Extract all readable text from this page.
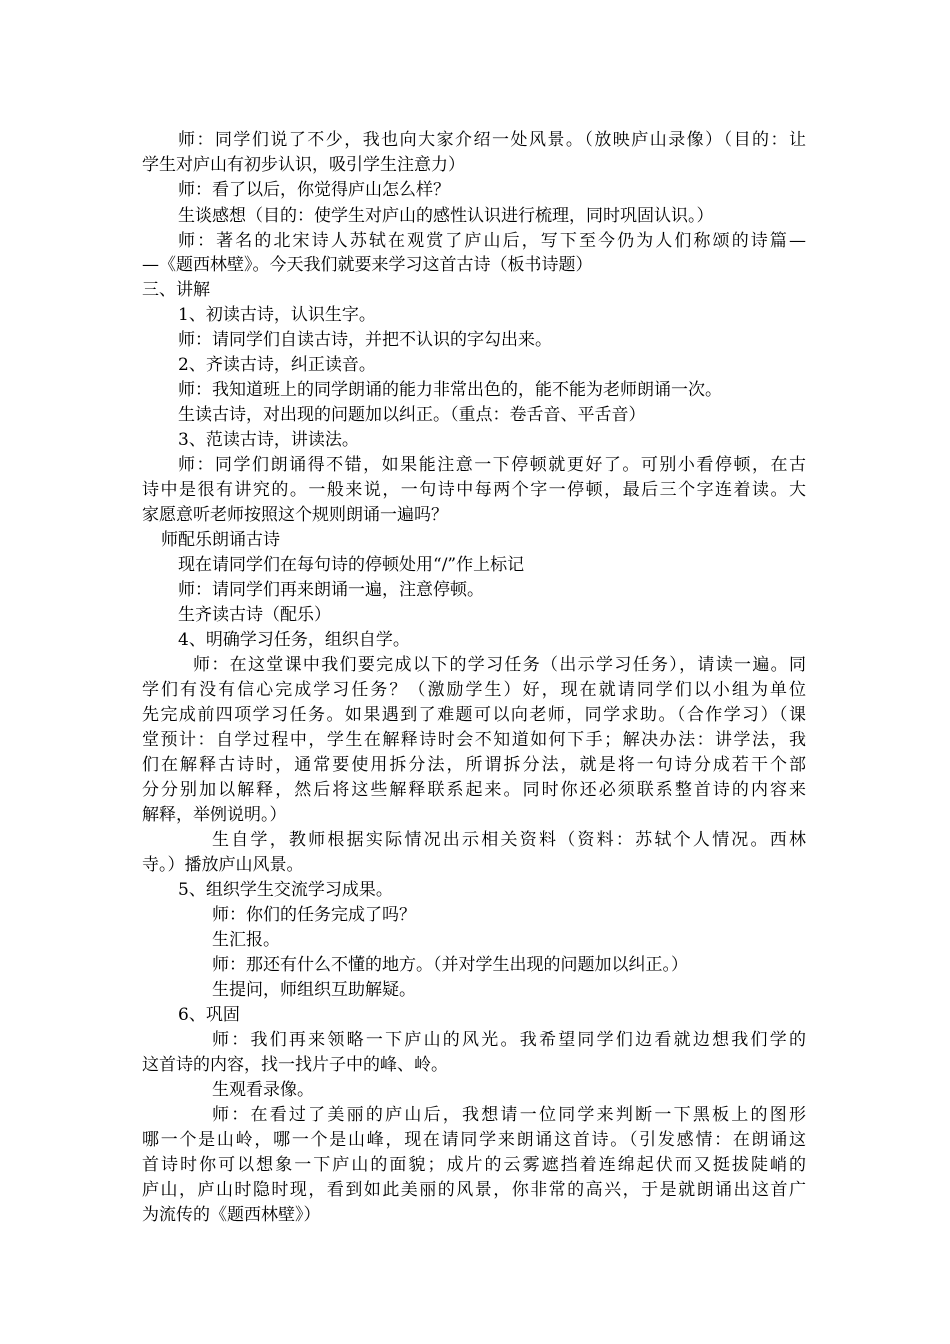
师：同学们说了不少，我也向大家介绍一处风景。（放映庐山录像）（目的：让
学生对庐山有初步认识，吸引学生注意力）
师：看了以后，你觉得庐山怎么样？
生谈感想（目的：使学生对庐山的感性认识进行梳理，同时巩固认识。）
师：著名的北宋诗人苏轼在观赏了庐山后，写下至今仍为人们称颂的诗篇—
—《题西林壁》。今天我们就要来学习这首古诗（板书诗题）
三、讲解
1、初读古诗，认识生字。
师：请同学们自读古诗，并把不认识的字勾出来。
2、齐读古诗，纠正读音。
师：我知道班上的同学朗诵的能力非常出色的，能不能为老师朗诵一次。
生读古诗，对出现的问题加以纠正。（重点：卷舌音、平舌音）
3、范读古诗，讲读法。
师：同学们朗诵得不错，如果能注意一下停顿就更好了。可别小看停顿，在古
诗中是很有讲究的。一般来说，一句诗中每两个字一停顿，最后三个字连着读。大
家愿意听老师按照这个规则朗诵一遍吗？
师配乐朗诵古诗
现在请同学们在每句诗的停顿处用“/”作上标记
师：请同学们再来朗诵一遍，注意停顿。
生齐读古诗（配乐）
4、明确学习任务，组织自学。
师：在这堂课中我们要完成以下的学习任务（出示学习任务），请读一遍。同
学们有没有信心完成学习任务？（激励学生）好，现在就请同学们以小组为单位
先完成前四项学习任务。如果遇到了难题可以向老师，同学求助。（合作学习）（课
堂预计：自学过程中，学生在解释诗时会不知道如何下手；解决办法：讲学法，我
们在解释古诗时，通常要使用拆分法，所谓拆分法，就是将一句诗分成若干个部
分分别加以解释，然后将这些解释联系起来。同时你还必须联系整首诗的内容来
解释，举例说明。）
生自学，教师根据实际情况出示相关资料（资料：苏轼个人情况。西林
寺。）播放庐山风景。
5、组织学生交流学习成果。
师：你们的任务完成了吗？
生汇报。
师：那还有什么不懂的地方。（并对学生出现的问题加以纠正。）
生提问，师组织互助解疑。
6、巩固
师：我们再来领略一下庐山的风光。我希望同学们边看就边想我们学的
这首诗的内容，找一找片子中的峰、岭。
生观看录像。
师：在看过了美丽的庐山后，我想请一位同学来判断一下黑板上的图形
哪一个是山岭，哪一个是山峰，现在请同学来朗诵这首诗。（引发感情：在朗诵这
首诗时你可以想象一下庐山的面貌；成片的云雾遮挡着连绵起伏而又挺拔陡峭的
庐山，庐山时隐时现，看到如此美丽的风景，你非常的高兴，于是就朗诵出这首广
为流传的《题西林壁》）
